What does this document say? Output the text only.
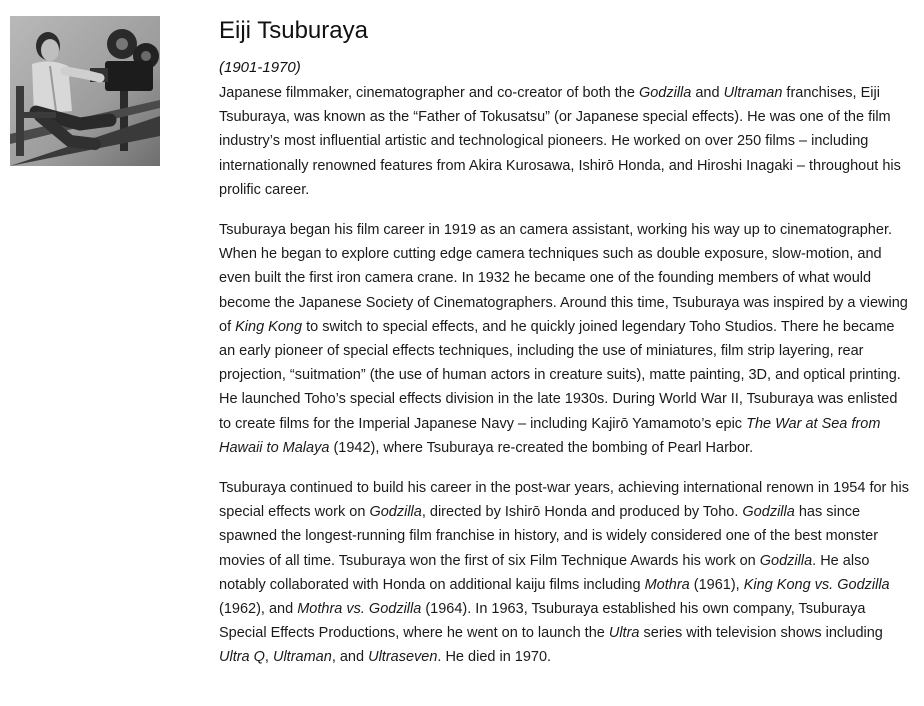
Eiji Tsuburaya

(1901-1970)

Japanese filmmaker, cinematographer and co-creator of both the Godzilla and Ultraman franchises, Eiji Tsuburaya, was known as the “Father of Tokusatsu” (or Japanese special effects). He was one of the film industry’s most influential artistic and technological pioneers. He worked on over 250 films – including internationally renowned features from Akira Kurosawa, Ishirō Honda, and Hiroshi Inagaki – throughout his prolific career.

Tsuburaya began his film career in 1919 as an camera assistant, working his way up to cinematographer. When he began to explore cutting edge camera techniques such as double exposure, slow-motion, and even built the first iron camera crane. In 1932 he became one of the founding members of what would become the Japanese Society of Cinematographers. Around this time, Tsuburaya was inspired by a viewing of King Kong to switch to special effects, and he quickly joined legendary Toho Studios. There he became an early pioneer of special effects techniques, including the use of miniatures, film strip layering, rear projection, “suitmation” (the use of human actors in creature suits), matte painting, 3D, and optical printing. He launched Toho’s special effects division in the late 1930s. During World War II, Tsuburaya was enlisted to create films for the Imperial Japanese Navy – including Kajirō Yamamoto’s epic The War at Sea from Hawaii to Malaya (1942), where Tsuburaya re-created the bombing of Pearl Harbor.

Tsuburaya continued to build his career in the post-war years, achieving international renown in 1954 for his special effects work on Godzilla, directed by Ishirō Honda and produced by Toho. Godzilla has since spawned the longest-running film franchise in history, and is widely considered one of the best monster movies of all time. Tsuburaya won the first of six Film Technique Awards his work on Godzilla. He also notably collaborated with Honda on additional kaiju films including Mothra (1961), King Kong vs. Godzilla (1962), and Mothra vs. Godzilla (1964). In 1963, Tsuburaya established his own company, Tsuburaya Special Effects Productions, where he went on to launch the Ultra series with television shows including Ultra Q, Ultraman, and Ultraseven. He died in 1970.
